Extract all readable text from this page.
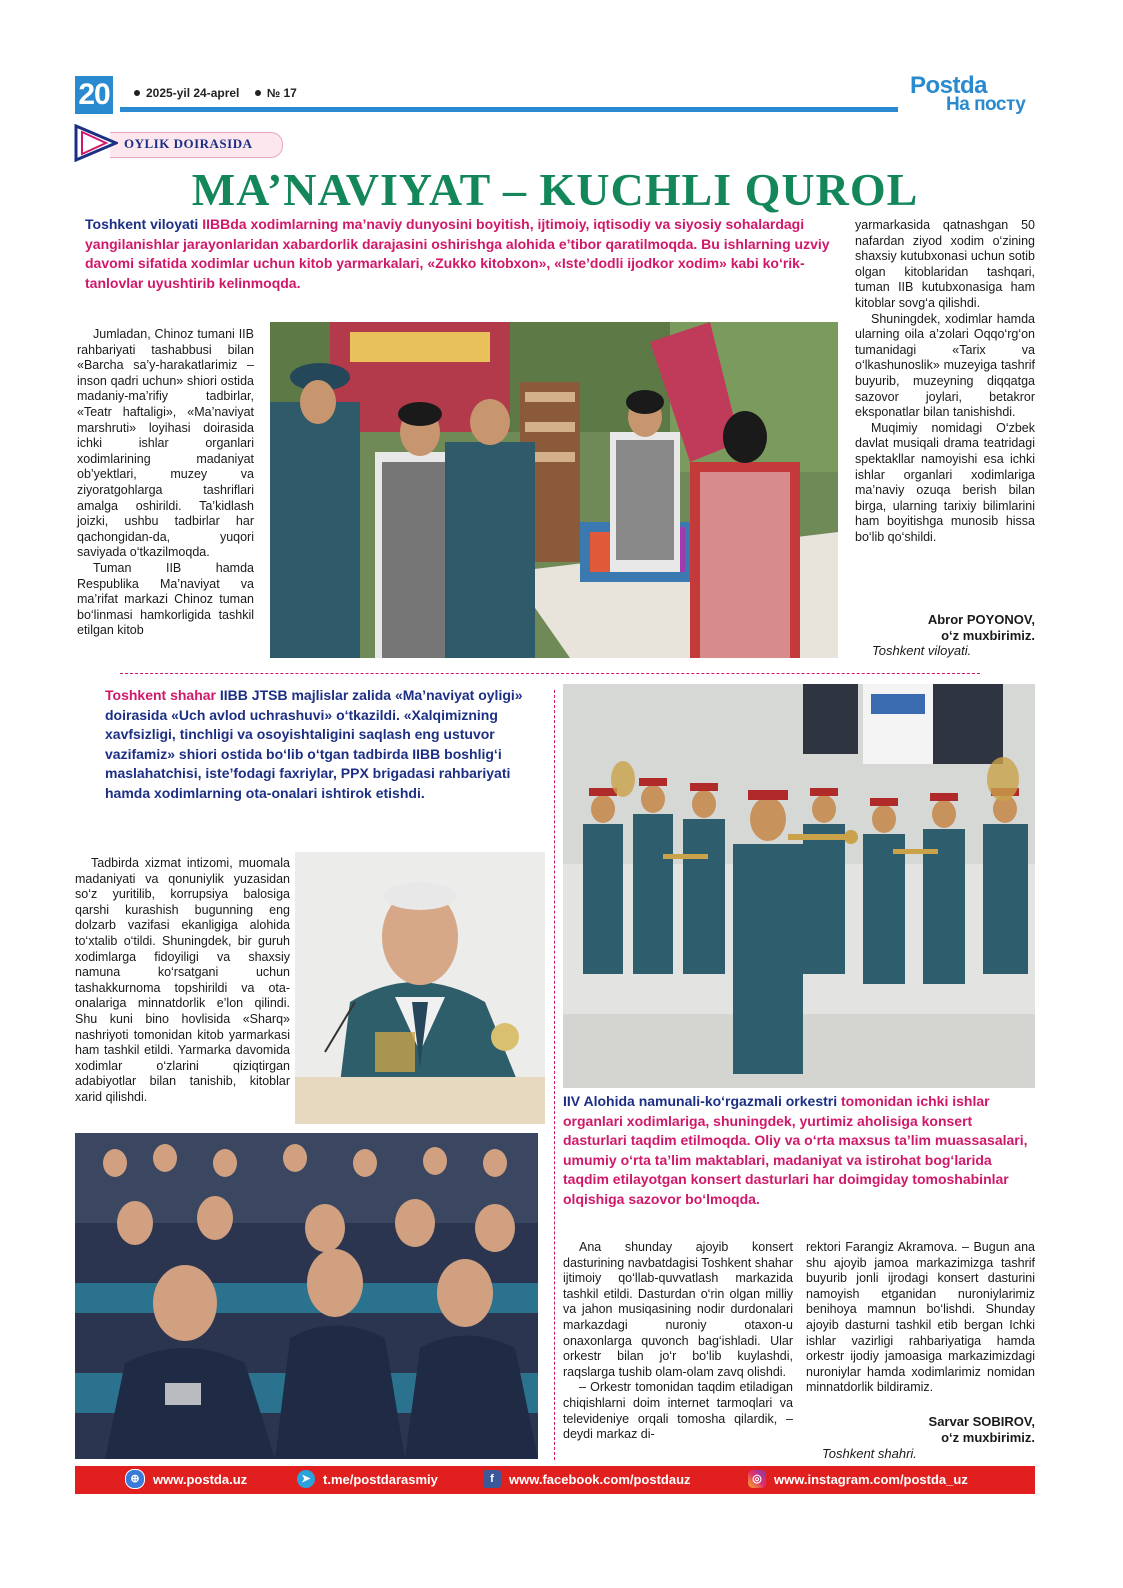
20	2025-yil 24-aprel № 17	Postda
На посту
OYLIK DOIRASIDA
MA’NAVIYAT – KUCHLI QUROL
Toshkent viloyati IIBBda xodimlarning ma’naviy dunyosini boyitish, ijtimoiy, iqtisodiy va siyosiy sohalardagi yangilanishlar jarayonlaridan xabardorlik darajasini oshirishga alohida e’tibor qaratilmoqda. Bu ishlarning uzviy davomi sifatida xodimlar uchun kitob yarmarkalari, «Zukko kitobxon», «Iste’dodli ijodkor xodim» kabi ko‘rik-tanlovlar uyushtirib kelinmoqda.

Jumladan, Chinoz tumani IIB rahbariyati tashabbusi bilan «Barcha sa’y-harakatlarimiz – inson qadri uchun» shiori ostida madaniy-ma’rifiy tadbirlar, «Teatr haftaligi», «Ma’naviyat marshruti» loyihasi doirasida ichki ishlar organlari xodimlarining madaniyat ob’yektlari, muzey va ziyoratgohlarga tashriflari amalga oshirildi. Ta’kidlash joizki, ushbu tadbirlar har qachongidan-da, yuqori saviyada o‘tkazilmoqda.

Tuman IIB hamda Respublika Ma’naviyat va ma’rifat markazi Chinoz tuman bo‘linmasi hamkorligida tashkil etilgan kitob

yarmarkasida qatnashgan 50 nafardan ziyod xodim o‘zining shaxsiy kutubxonasi uchun sotib olgan kitoblaridan tashqari, tuman IIB kutubxonasiga ham kitoblar sovg‘a qilishdi.

Shuningdek, xodimlar hamda ularning oila a’zolari Oqqo‘rg‘on tumanidagi «Tarix va o‘lkashunoslik» muzeyiga tashrif buyurib, muzeyning diqqatga sazovor joylari, betakror eksponatlar bilan tanishishdi.

Muqimiy nomidagi O‘zbek davlat musiqali drama teatridagi spektakllar namoyishi esa ichki ishlar organlari xodimlariga ma’naviy ozuqa berish bilan birga, ularning tarixiy bilimlarini ham boyitishga munosib hissa bo‘lib qo‘shildi.

Abror POYONOV,
o‘z muxbirimiz.
Toshkent viloyati.
Toshkent shahar IIBB JTSB majlislar zalida «Ma’naviyat oyligi» doirasida «Uch avlod uchrashuvi» o‘tkazildi. «Xalqimizning xavfsizligi, tinchligi va osoyishtaligini saqlash eng ustuvor vazifamiz» shiori ostida bo‘lib o‘tgan tadbirda IIBB boshlig‘i maslahatchisi, iste’fodagi faxriylar, PPX brigadasi rahbariyati hamda xodimlarning ota-onalari ishtirok etishdi.

Tadbirda xizmat intizomi, muomala madaniyati va qonuniylik yuzasidan so‘z yuritilib, korrupsiya balosiga qarshi kurashish bugunning eng dolzarb vazifasi ekanligiga alohida to‘xtalib o‘tildi. Shuningdek, bir guruh xodimlarga fidoyiligi va shaxsiy namuna ko‘rsatgani uchun tashakkurnoma topshirildi va ota-onalariga minnatdorlik e’lon qilindi. Shu kuni bino hovlisida «Sharq» nashriyoti tomonidan kitob yarmarkasi ham tashkil etildi. Yarmarka davomida xodimlar o‘zlarini qiziqtirgan adabiyotlar bilan tanishib, kitoblar xarid qilishdi.	IIV Alohida namunali-ko‘rgazmali orkestri tomonidan ichki ishlar organlari xodimlariga, shuningdek, yurtimiz aholisiga konsert dasturlari taqdim etilmoqda. Oliy va o‘rta maxsus ta’lim muassasalari, umumiy o‘rta ta’lim maktablari, madaniyat va istirohat bog‘larida taqdim etilayotgan konsert dasturlari har doimgiday tomoshabinlar olqishiga sazovor bo‘lmoqda.

Ana shunday ajoyib konsert dasturining navbatdagisi Toshkent shahar ijtimoiy qo‘llab-quvvatlash markazida tashkil etildi. Dasturdan o‘rin olgan milliy va jahon musiqasining nodir durdonalari markazdagi nuroniy otaxon-u onaxonlarga quvonch bag‘ishladi. Ular orkestr bilan jo‘r bo‘lib kuylashdi, raqslarga tushib olam-olam zavq olishdi.

– Orkestr tomonidan taqdim etiladigan chiqishlarni doim internet tarmoqlari va televideniye orqali tomosha qilardik, – deydi markaz di-

rektori Farangiz Akramova. – Bugun ana shu ajoyib jamoa markazimizga tashrif buyurib jonli ijrodagi konsert dasturini namoyish etganidan nuroniylarimiz benihoya mamnun bo‘lishdi. Shunday ajoyib dasturni tashkil etib bergan Ichki ishlar vazirligi rahbariyatiga hamda orkestr ijodiy jamoasiga markazimizdagi nuroniylar hamda xodimlarimiz nomidan minnatdorlik bildiramiz.

Sarvar SOBIROV,
o‘z muxbirimiz.
Toshkent shahri.
⊕ www.postda.uz	➤ t.me/postdarasmiy	f www.facebook.com/postdauz	◎ www.instagram.com/postda_uz
